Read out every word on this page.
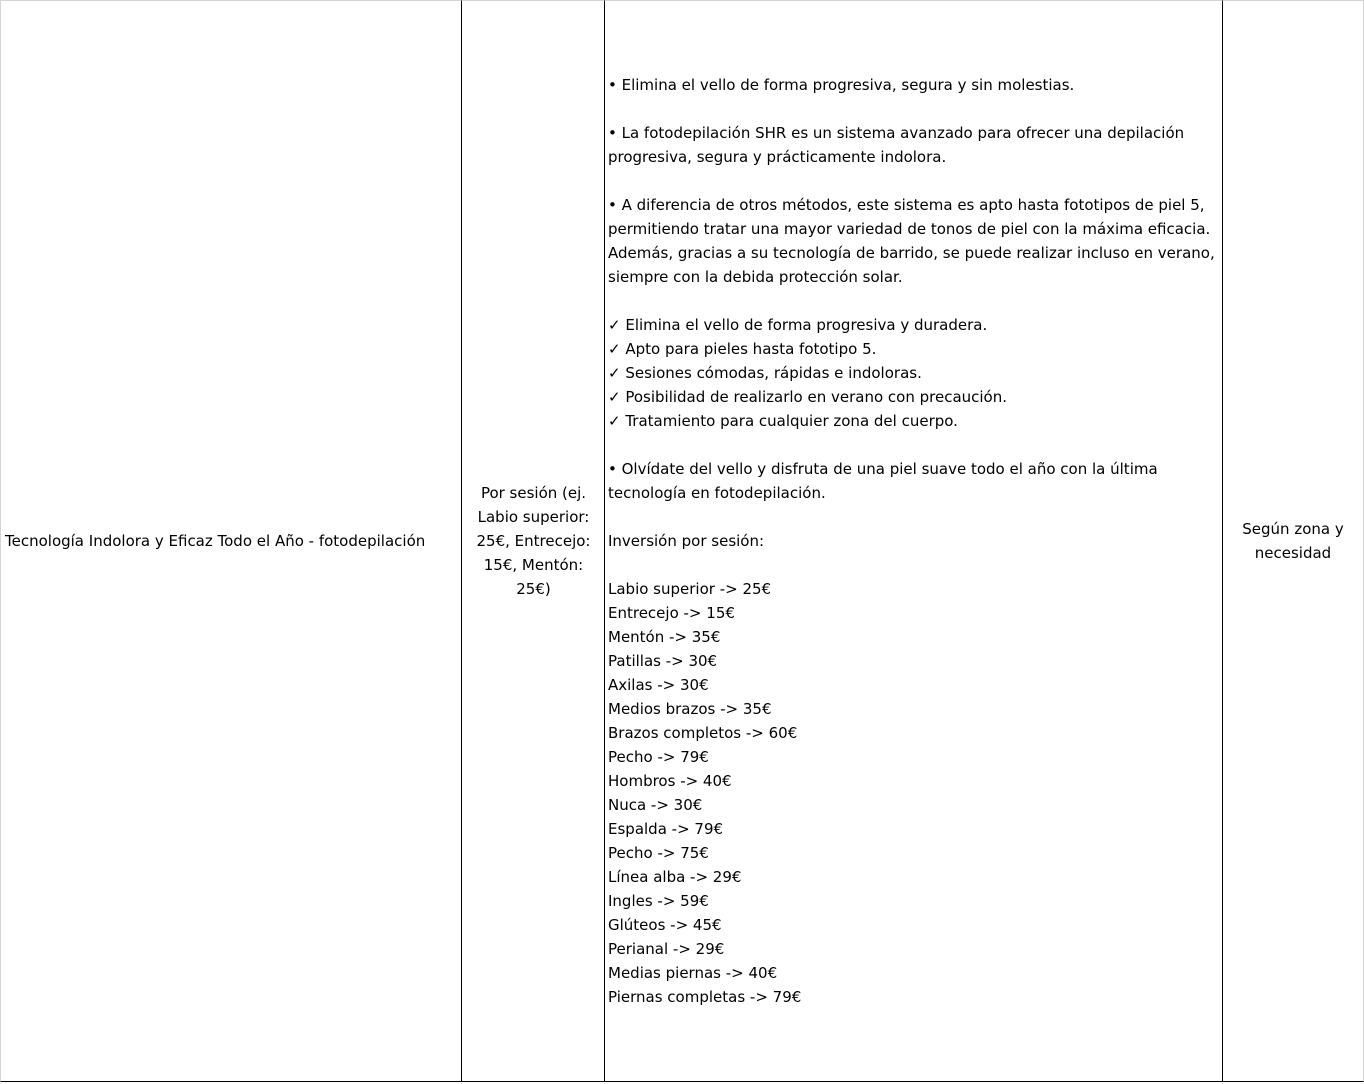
Tecnología Indolora y Eficaz Todo el Año - fotodepilación
Por sesión (ej.
Labio superior:
25€, Entrecejo:
15€, Mentón: 25€)

• Elimina el vello de forma progresiva, segura y sin molestias.

• La fotodepilación SHR es un sistema avanzado para ofrecer una depilación progresiva, segura y prácticamente indolora.

• A diferencia de otros métodos, este sistema es apto hasta fototipos de piel 5, permitiendo tratar una mayor variedad de tonos de piel con la máxima eficacia. Además, gracias a su tecnología de barrido, se puede realizar incluso en verano, siempre con la debida protección solar.

✓ Elimina el vello de forma progresiva y duradera.

✓ Apto para pieles hasta fototipo 5.

✓ Sesiones cómodas, rápidas e indoloras.

✓ Posibilidad de realizarlo en verano con precaución.

✓ Tratamiento para cualquier zona del cuerpo.

• Olvídate del vello y disfruta de una piel suave todo el año con la última tecnología en fotodepilación.

Inversión por sesión:

Labio superior -> 25€

Entrecejo -> 15€

Mentón -> 35€

Patillas -> 30€

Axilas -> 30€

Medios brazos -> 35€

Brazos completos -> 60€

Pecho -> 79€

Hombros -> 40€

Nuca -> 30€

Espalda -> 79€

Pecho -> 75€

Línea alba -> 29€

Ingles -> 59€

Glúteos -> 45€

Perianal -> 29€

Medias piernas -> 40€

Piernas completas -> 79€

Según zona y
necesidad
